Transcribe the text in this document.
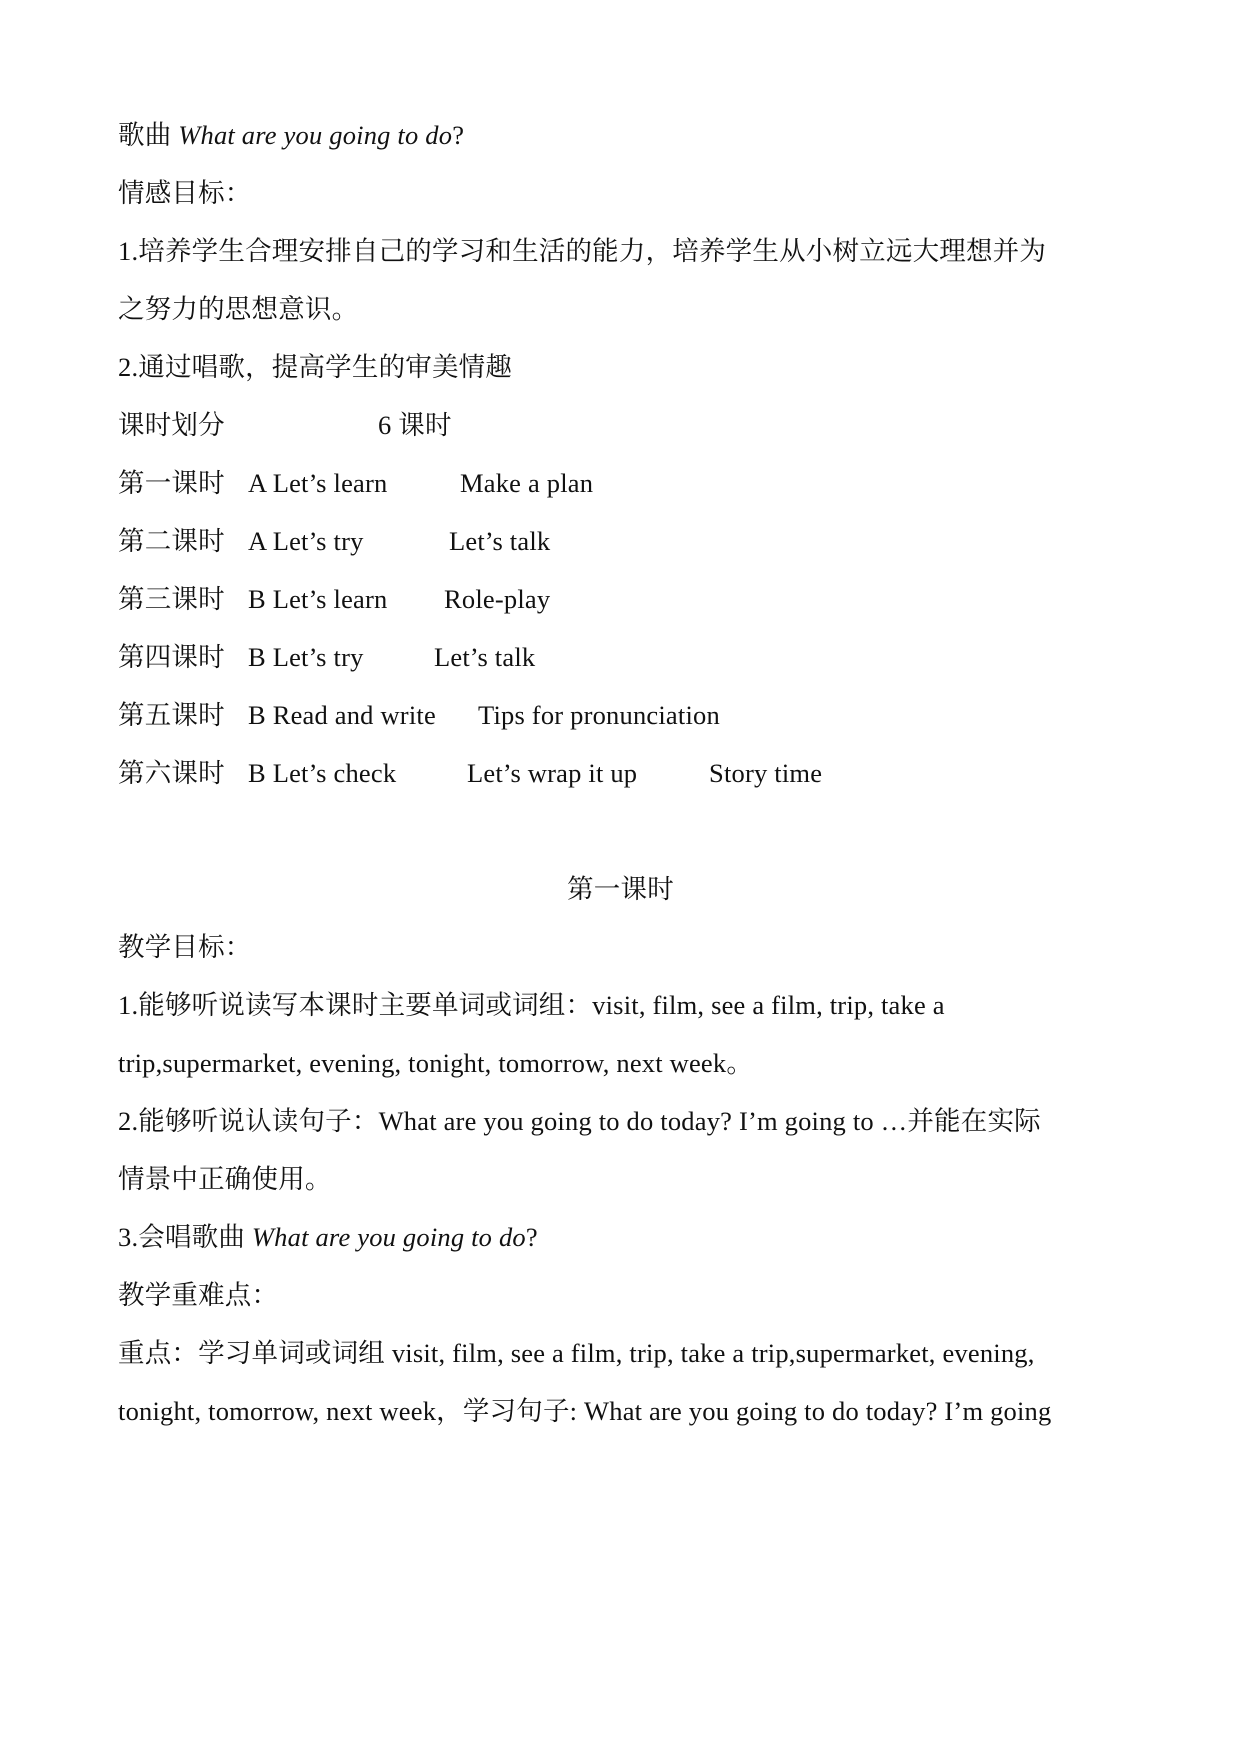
歌曲 What are you going to do?
情感目标：
1.培养学生合理安排自己的学习和生活的能力，培养学生从小树立远大理想并为
之努力的思想意识。
2.通过唱歌，提高学生的审美情趣
课时划分	6 课时
第一课时 A Let’s learn	Make a plan
第二课时 A Let’s try	Let’s talk
第三课时 B Let’s learn Role-play
第四课时 B Let’s try	Let’s talk
第五课时 B Read and write Tips for pronunciation
第六课时 B Let’s check	Let’s wrap it up	Story time
第一课时
教学目标：
1.能够听说读写本课时主要单词或词组：visit, film, see a film, trip, take a
trip,supermarket, evening, tonight, tomorrow, next week。
2.能够听说认读句子：What are you going to do today? I’m going to …并能在实际
情景中正确使用。
3.会唱歌曲 What are you going to do?
教学重难点：
重点：学习单词或词组 visit, film, see a film, trip, take a trip,supermarket, evening,
tonight, tomorrow, next week，学习句子: What are you going to do today? I’m going
